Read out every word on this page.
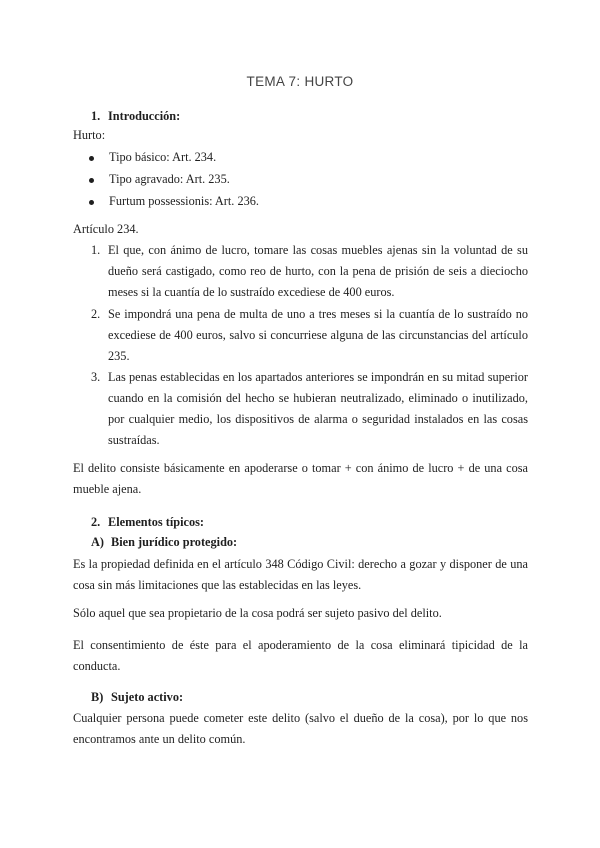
TEMA 7: HURTO
1. Introducción:
Hurto:
Tipo básico: Art. 234.
Tipo agravado: Art. 235.
Furtum possessionis: Art. 236.
Artículo 234.
1. El que, con ánimo de lucro, tomare las cosas muebles ajenas sin la voluntad de su dueño será castigado, como reo de hurto, con la pena de prisión de seis a dieciocho meses si la cuantía de lo sustraído excediese de 400 euros.
2. Se impondrá una pena de multa de uno a tres meses si la cuantía de lo sustraído no excediese de 400 euros, salvo si concurriese alguna de las circunstancias del artículo 235.
3. Las penas establecidas en los apartados anteriores se impondrán en su mitad superior cuando en la comisión del hecho se hubieran neutralizado, eliminado o inutilizado, por cualquier medio, los dispositivos de alarma o seguridad instalados en las cosas sustraídas.
El delito consiste básicamente en apoderarse o tomar + con ánimo de lucro + de una cosa mueble ajena.
2. Elementos típicos:
A) Bien jurídico protegido:
Es la propiedad definida en el artículo 348 Código Civil: derecho a gozar y disponer de una cosa sin más limitaciones que las establecidas en las leyes.
Sólo aquel que sea propietario de la cosa podrá ser sujeto pasivo del delito.
El consentimiento de éste para el apoderamiento de la cosa eliminará tipicidad de la conducta.
B) Sujeto activo:
Cualquier persona puede cometer este delito (salvo el dueño de la cosa), por lo que nos encontramos ante un delito común.
